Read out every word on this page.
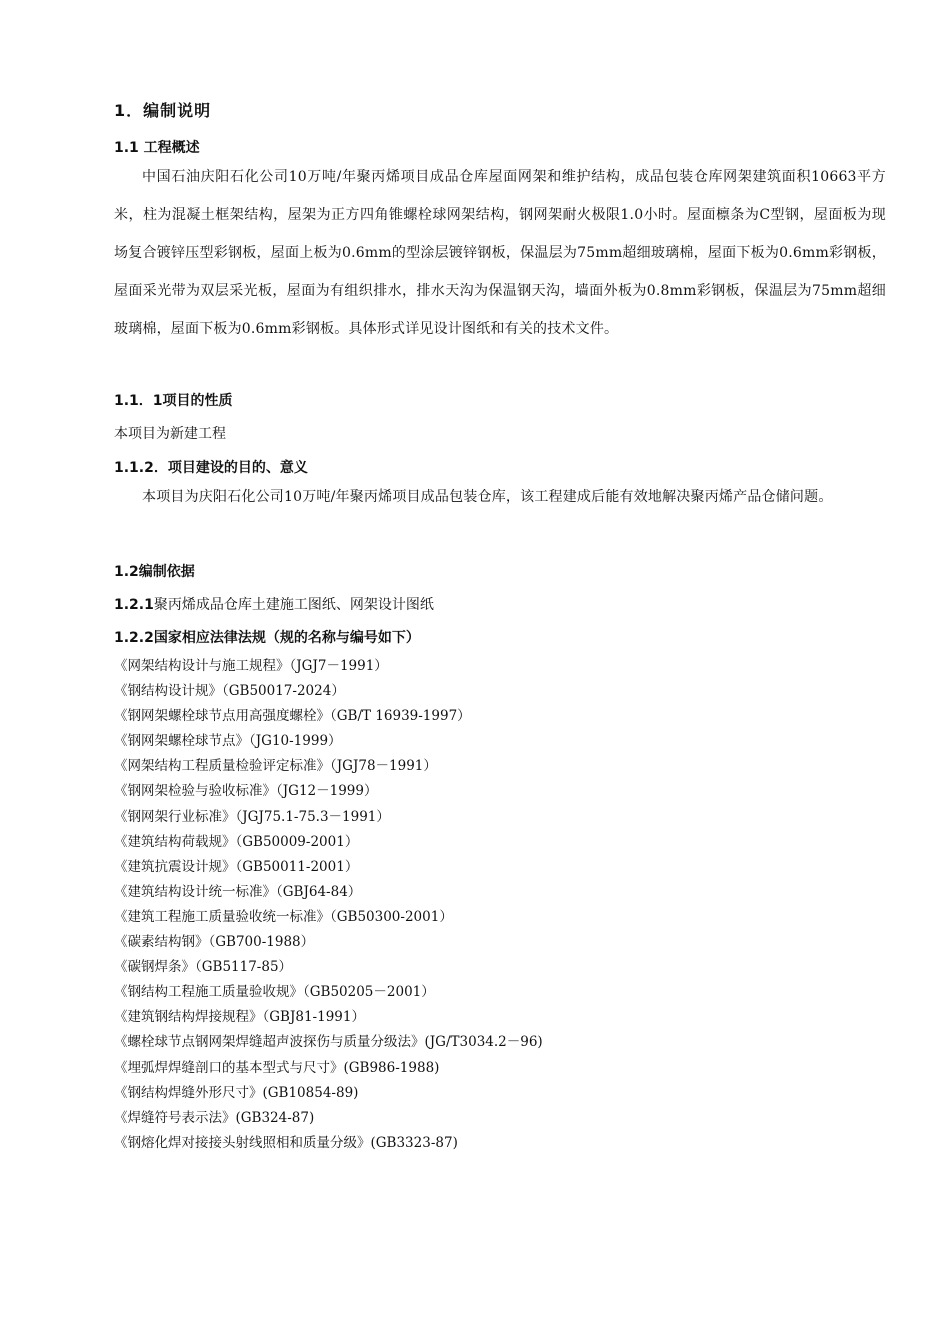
1．编制说明
1.1 工程概述
中国石油庆阳石化公司10万吨/年聚丙烯项目成品仓库屋面网架和维护结构，成品包装仓库网架建筑面积10663平方米，柱为混凝土框架结构，屋架为正方四角锥螺栓球网架结构，钢网架耐火极限1.0小时。屋面檩条为C型钢，屋面板为现场复合镀锌压型彩钢板，屋面上板为0.6mm的型涂层镀锌钢板，保温层为75mm超细玻璃棉，屋面下板为0.6mm彩钢板，屋面采光带为双层采光板，屋面为有组织排水，排水天沟为保温钢天沟，墙面外板为0.8mm彩钢板，保温层为75mm超细玻璃棉，屋面下板为0.6mm彩钢板。具体形式详见设计图纸和有关的技术文件。
1.1．1项目的性质
本项目为新建工程
1.1.2．项目建设的目的、意义
本项目为庆阳石化公司10万吨/年聚丙烯项目成品包装仓库，该工程建成后能有效地解决聚丙烯产品仓储问题。
1.2编制依据
1.2.1聚丙烯成品仓库土建施工图纸、网架设计图纸
1.2.2国家相应法律法规（规的名称与编号如下）
《网架结构设计与施工规程》（JGJ7－1991）
《钢结构设计规》（GB50017-2024）
《钢网架螺栓球节点用高强度螺栓》（GB/T 16939-1997）
《钢网架螺栓球节点》（JG10-1999）
《网架结构工程质量检验评定标准》（JGJ78－1991）
《钢网架检验与验收标准》（JG12－1999）
《钢网架行业标准》（JGJ75.1-75.3－1991）
《建筑结构荷载规》（GB50009-2001）
《建筑抗震设计规》（GB50011-2001）
《建筑结构设计统一标准》（GBJ64-84）
《建筑工程施工质量验收统一标准》（GB50300-2001）
《碳素结构钢》（GB700-1988）
《碳钢焊条》（GB5117-85）
《钢结构工程施工质量验收规》（GB50205－2001）
《建筑钢结构焊接规程》（GBJ81-1991）
《螺栓球节点钢网架焊缝超声波探伤与质量分级法》(JG/T3034.2－96)
《埋弧焊焊缝剖口的基本型式与尺寸》(GB986-1988)
《钢结构焊缝外形尺寸》(GB10854-89)
《焊缝符号表示法》(GB324-87)
《钢熔化焊对接接头射线照相和质量分级》(GB3323-87)
